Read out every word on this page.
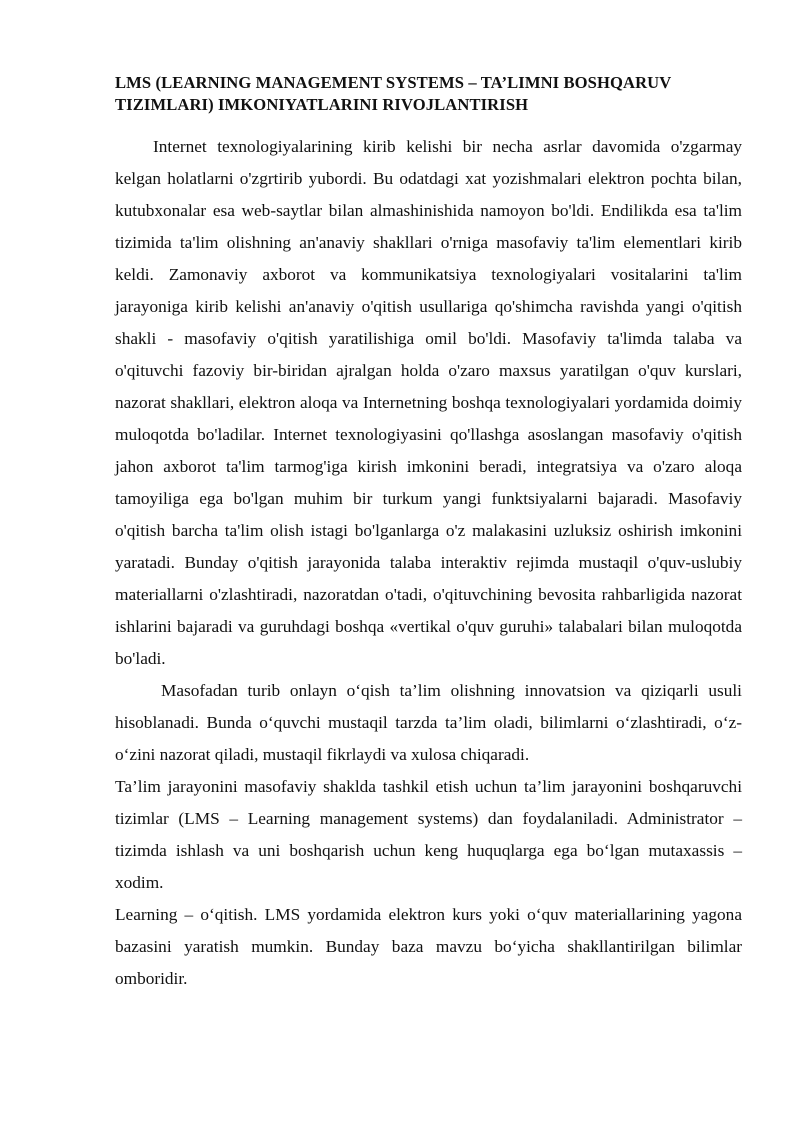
LMS (LEARNING MANAGEMENT SYSTEMS – TA’LIMNI BOSHQARUV TIZIMLARI) IMKONIYATLARINI RIVOJLANTIRISH

Internet texnologiyalarining kirib kelishi bir necha asrlar davomida o'zgarmay kelgan holatlarni o'zgrtirib yubordi. Bu odatdagi xat yozishmalari elektron pochta bilan, kutubxonalar esa web-saytlar bilan almashinishida namoyon bo'ldi. Endilikda esa ta'lim tizimida ta'lim olishning an'anaviy shakllari o'rniga masofaviy ta'lim elementlari kirib keldi. Zamonaviy axborot va kommunikatsiya texnologiyalari vositalarini ta'lim jarayoniga kirib kelishi an'anaviy o'qitish usullariga qo'shimcha ravishda yangi o'qitish shakli - masofaviy o'qitish yaratilishiga omil bo'ldi. Masofaviy ta'limda talaba va o'qituvchi fazoviy bir-biridan ajralgan holda o'zaro maxsus yaratilgan o'quv kurslari, nazorat shakllari, elektron aloqa va Internetning boshqa texnologiyalari yordamida doimiy muloqotda bo'ladilar. Internet texnologiyasini qo'llashga asoslangan masofaviy o'qitish jahon axborot ta'lim tarmog'iga kirish imkonini beradi, integratsiya va o'zaro aloqa tamoyiliga ega bo'lgan muhim bir turkum yangi funktsiyalarni bajaradi. Masofaviy o'qitish barcha ta'lim olish istagi bo'lganlarga o'z malakasini uzluksiz oshirish imkonini yaratadi. Bunday o'qitish jarayonida talaba interaktiv rejimda mustaqil o'quv-uslubiy materiallarni o'zlashtiradi, nazoratdan o'tadi, o'qituvchining bevosita rahbarligida nazorat ishlarini bajaradi va guruhdagi boshqa «vertikal o'quv guruhi» talabalari bilan muloqotda bo'ladi.

Masofadan turib onlayn o‘qish ta’lim olishning innovatsion va qiziqarli usuli hisoblanadi. Bunda o‘quvchi mustaqil tarzda ta’lim oladi, bilimlarni o‘zlashtiradi, o‘z-o‘zini nazorat qiladi, mustaqil fikrlaydi va xulosa chiqaradi.

Ta’lim jarayonini masofaviy shaklda tashkil etish uchun ta’lim jarayonini boshqaruvchi tizimlar (LMS – Learning management systems) dan foydalaniladi. Administrator – tizimda ishlash va uni boshqarish uchun keng huquqlarga ega bo‘lgan mutaxassis – xodim.

Learning – o‘qitish. LMS yordamida elektron kurs yoki o‘quv materiallarining yagona bazasini yaratish mumkin. Bunday baza mavzu bo‘yicha shakllantirilgan bilimlar omboridir.
